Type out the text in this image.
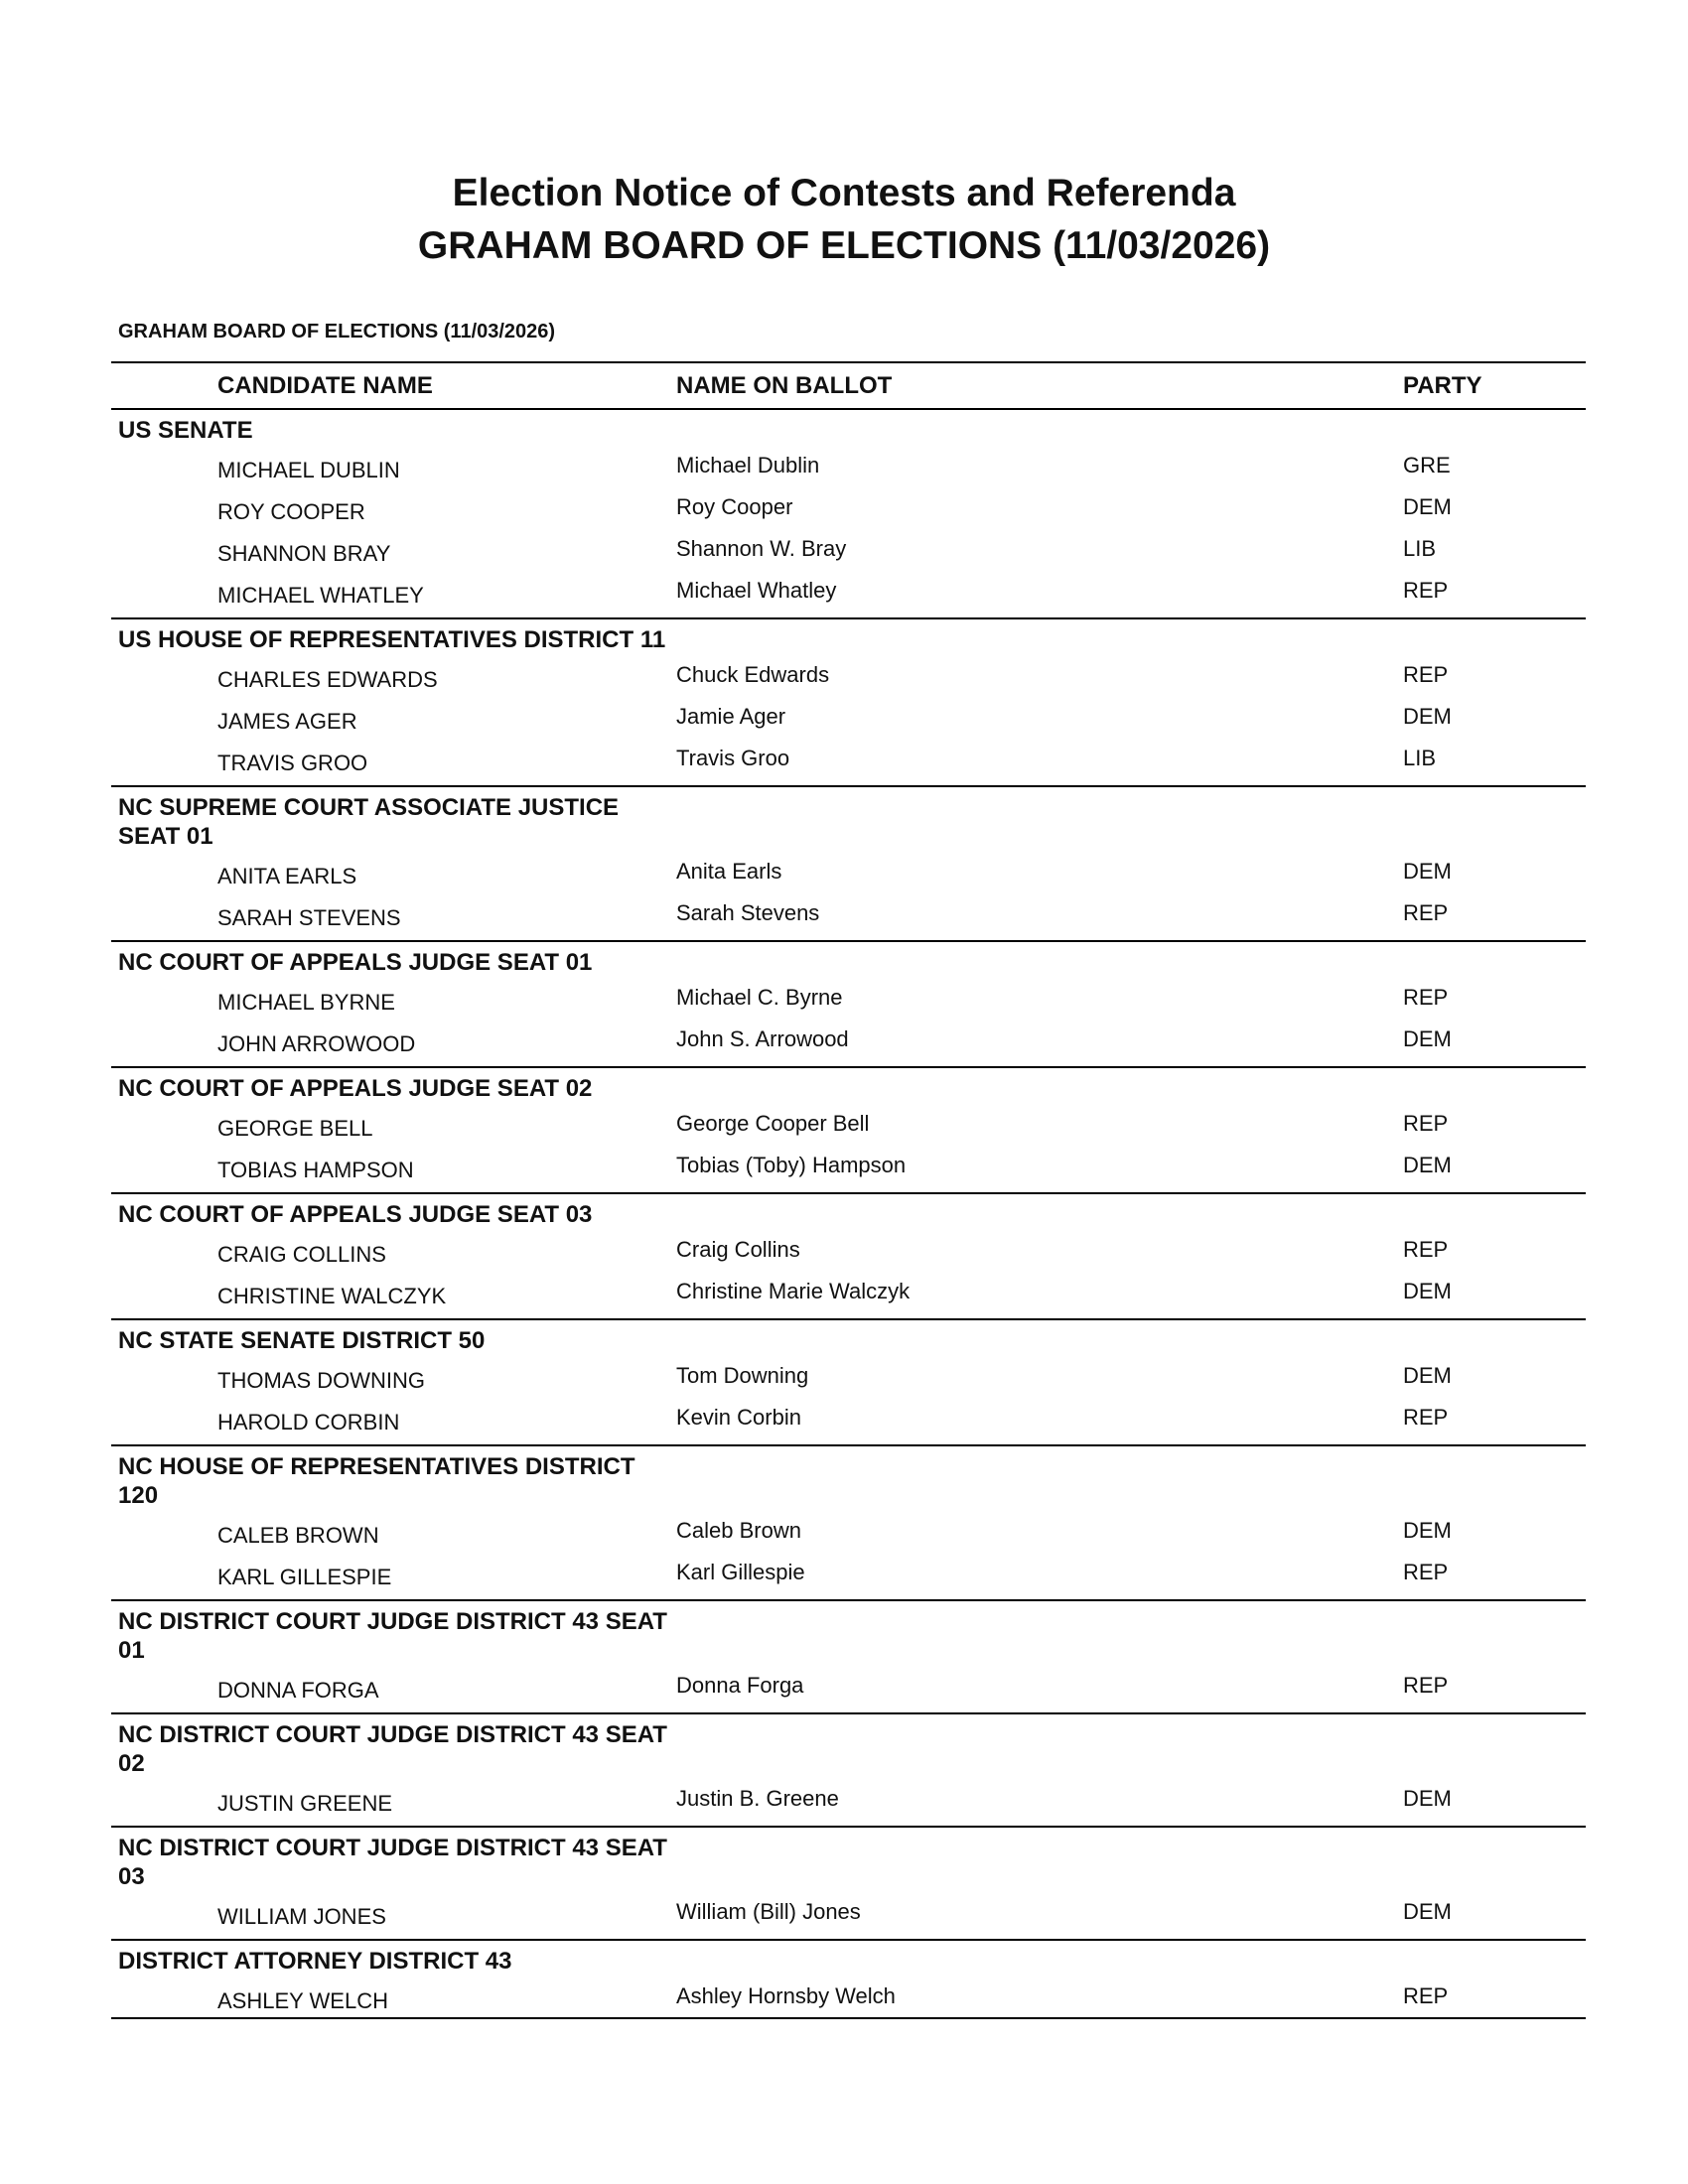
Election Notice of Contests and Referenda
GRAHAM BOARD OF ELECTIONS (11/03/2026)
GRAHAM BOARD OF ELECTIONS (11/03/2026)
CANDIDATE NAME	NAME ON BALLOT	PARTY
US SENATE
MICHAEL DUBLIN	Michael Dublin	GRE
ROY COOPER	Roy Cooper	DEM
SHANNON BRAY	Shannon W. Bray	LIB
MICHAEL WHATLEY	Michael Whatley	REP
US HOUSE OF REPRESENTATIVES DISTRICT 11
CHARLES EDWARDS	Chuck Edwards	REP
JAMES AGER	Jamie Ager	DEM
TRAVIS GROO	Travis Groo	LIB
NC SUPREME COURT ASSOCIATE JUSTICE SEAT 01
ANITA EARLS	Anita Earls	DEM
SARAH STEVENS	Sarah Stevens	REP
NC COURT OF APPEALS JUDGE SEAT 01
MICHAEL BYRNE	Michael C. Byrne	REP
JOHN ARROWOOD	John S. Arrowood	DEM
NC COURT OF APPEALS JUDGE SEAT 02
GEORGE BELL	George Cooper Bell	REP
TOBIAS HAMPSON	Tobias (Toby) Hampson	DEM
NC COURT OF APPEALS JUDGE SEAT 03
CRAIG COLLINS	Craig Collins	REP
CHRISTINE WALCZYK	Christine Marie Walczyk	DEM
NC STATE SENATE DISTRICT 50
THOMAS DOWNING	Tom Downing	DEM
HAROLD CORBIN	Kevin Corbin	REP
NC HOUSE OF REPRESENTATIVES DISTRICT 120
CALEB BROWN	Caleb Brown	DEM
KARL GILLESPIE	Karl Gillespie	REP
NC DISTRICT COURT JUDGE DISTRICT 43 SEAT 01
DONNA FORGA	Donna Forga	REP
NC DISTRICT COURT JUDGE DISTRICT 43 SEAT 02
JUSTIN GREENE	Justin B. Greene	DEM
NC DISTRICT COURT JUDGE DISTRICT 43 SEAT 03
WILLIAM JONES	William (Bill) Jones	DEM
DISTRICT ATTORNEY DISTRICT 43
ASHLEY WELCH	Ashley Hornsby Welch	REP
